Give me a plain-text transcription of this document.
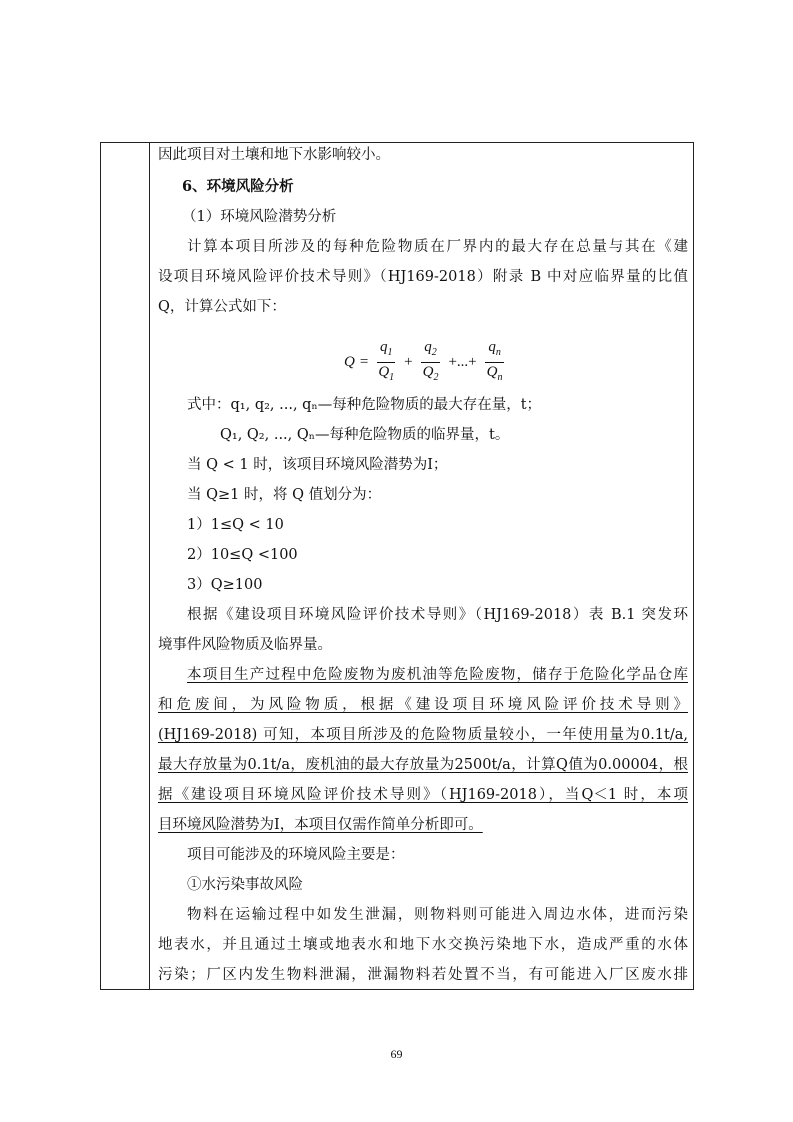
因此项目对土壤和地下水影响较小。
6、环境风险分析
（1）环境风险潜势分析
计算本项目所涉及的每种危险物质在厂界内的最大存在总量与其在《建
设项目环境风险评价技术导则》（HJ169-2018）附录 B 中对应临界量的比值
Q，计算公式如下：
式中：q₁, q₂, ..., qₙ—每种危险物质的最大存在量，t；
Q₁, Q₂, ..., Qₙ—每种危险物质的临界量，t。
当 Q < 1 时，该项目环境风险潜势为I；
当 Q≥1 时，将 Q 值划分为：
1）1≤Q < 10
2）10≤Q <100
3）Q≥100
根据《建设项目环境风险评价技术导则》（HJ169-2018）表 B.1 突发环
境事件风险物质及临界量。
本项目生产过程中危险废物为废机油等危险废物，储存于危险化学品仓库
和危废间，为风险物质，根据《建设项目环境风险评价技术导则》
(HJ169-2018) 可知，本项目所涉及的危险物质量较小，一年使用量为0.1t/a,
最大存放量为0.1t/a，废机油的最大存放量为2500t/a，计算Q值为0.00004，根
据《建设项目环境风险评价技术导则》（HJ169-2018），当Q＜1 时，本项
目环境风险潜势为I，本项目仅需作简单分析即可。
项目可能涉及的环境风险主要是：
①水污染事故风险
物料在运输过程中如发生泄漏，则物料则可能进入周边水体，进而污染
地表水，并且通过土壤或地表水和地下水交换污染地下水，造成严重的水体
污染；厂区内发生物料泄漏，泄漏物料若处置不当，有可能进入厂区废水排
$Q = \frac{q_1}{Q_1} + \frac{q_2}{Q_2}$ +...+ $\frac{q_n}{Q_n}$
69
